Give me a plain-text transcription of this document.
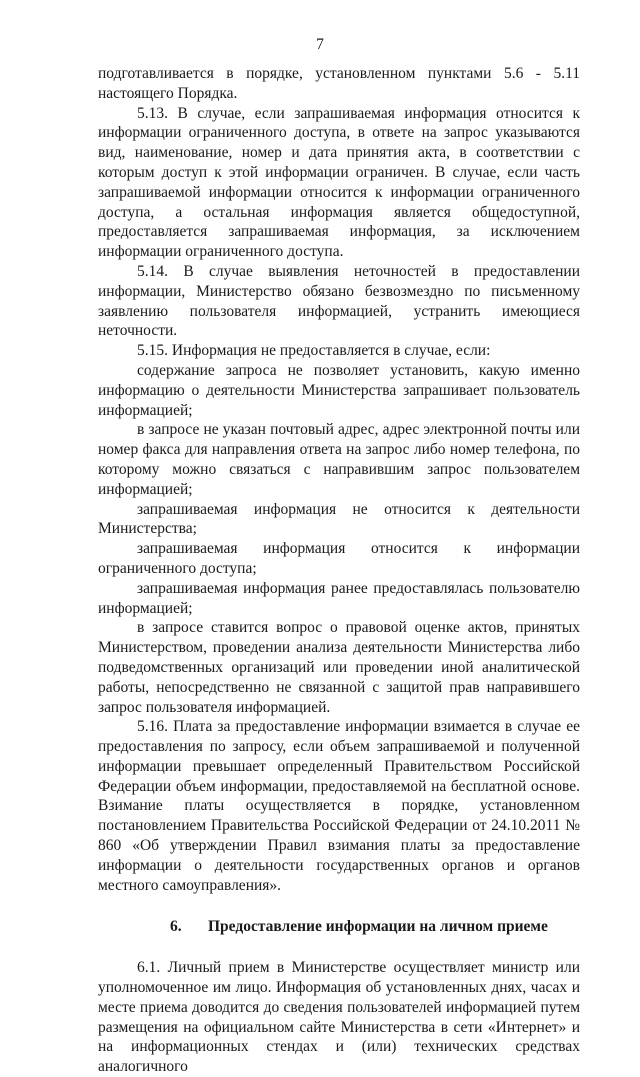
7

подготавливается в порядке, установленном пунктами 5.6 - 5.11 настоящего Порядка.

5.13. В случае, если запрашиваемая информация относится к информации ограниченного доступа, в ответе на запрос указываются вид, наименование, номер и дата принятия акта, в соответствии с которым доступ к этой информации ограничен. В случае, если часть запрашиваемой информации относится к информации ограниченного доступа, а остальная информация является общедоступной, предоставляется запрашиваемая информация, за исключением информации ограниченного доступа.

5.14. В случае выявления неточностей в предоставлении информации, Министерство обязано безвозмездно по письменному заявлению пользователя информацией, устранить имеющиеся неточности.

5.15. Информация не предоставляется в случае, если:

содержание запроса не позволяет установить, какую именно информацию о деятельности Министерства запрашивает пользователь информацией;

в запросе не указан почтовый адрес, адрес электронной почты или номер факса для направления ответа на запрос либо номер телефона, по которому можно связаться с направившим запрос пользователем информацией;

запрашиваемая информация не относится к деятельности Министерства;

запрашиваемая информация относится к информации ограниченного доступа;

запрашиваемая информация ранее предоставлялась пользователю информацией;

в запросе ставится вопрос о правовой оценке актов, принятых Министерством, проведении анализа деятельности Министерства либо подведомственных организаций или проведении иной аналитической работы, непосредственно не связанной с защитой прав направившего запрос пользователя информацией.

5.16. Плата за предоставление информации взимается в случае ее предоставления по запросу, если объем запрашиваемой и полученной информации превышает определенный Правительством Российской Федерации объем информации, предоставляемой на бесплатной основе. Взимание платы осуществляется в порядке, установленном постановлением Правительства Российской Федерации от 24.10.2011 № 860 «Об утверждении Правил взимания платы за предоставление информации о деятельности государственных органов и органов местного самоуправления».

6. Предоставление информации на личном приеме

6.1. Личный прием в Министерстве осуществляет министр или уполномоченное им лицо. Информация об установленных днях, часах и месте приема доводится до сведения пользователей информацией путем размещения на официальном сайте Министерства в сети «Интернет» и на информационных стендах и (или) технических средствах аналогичного
